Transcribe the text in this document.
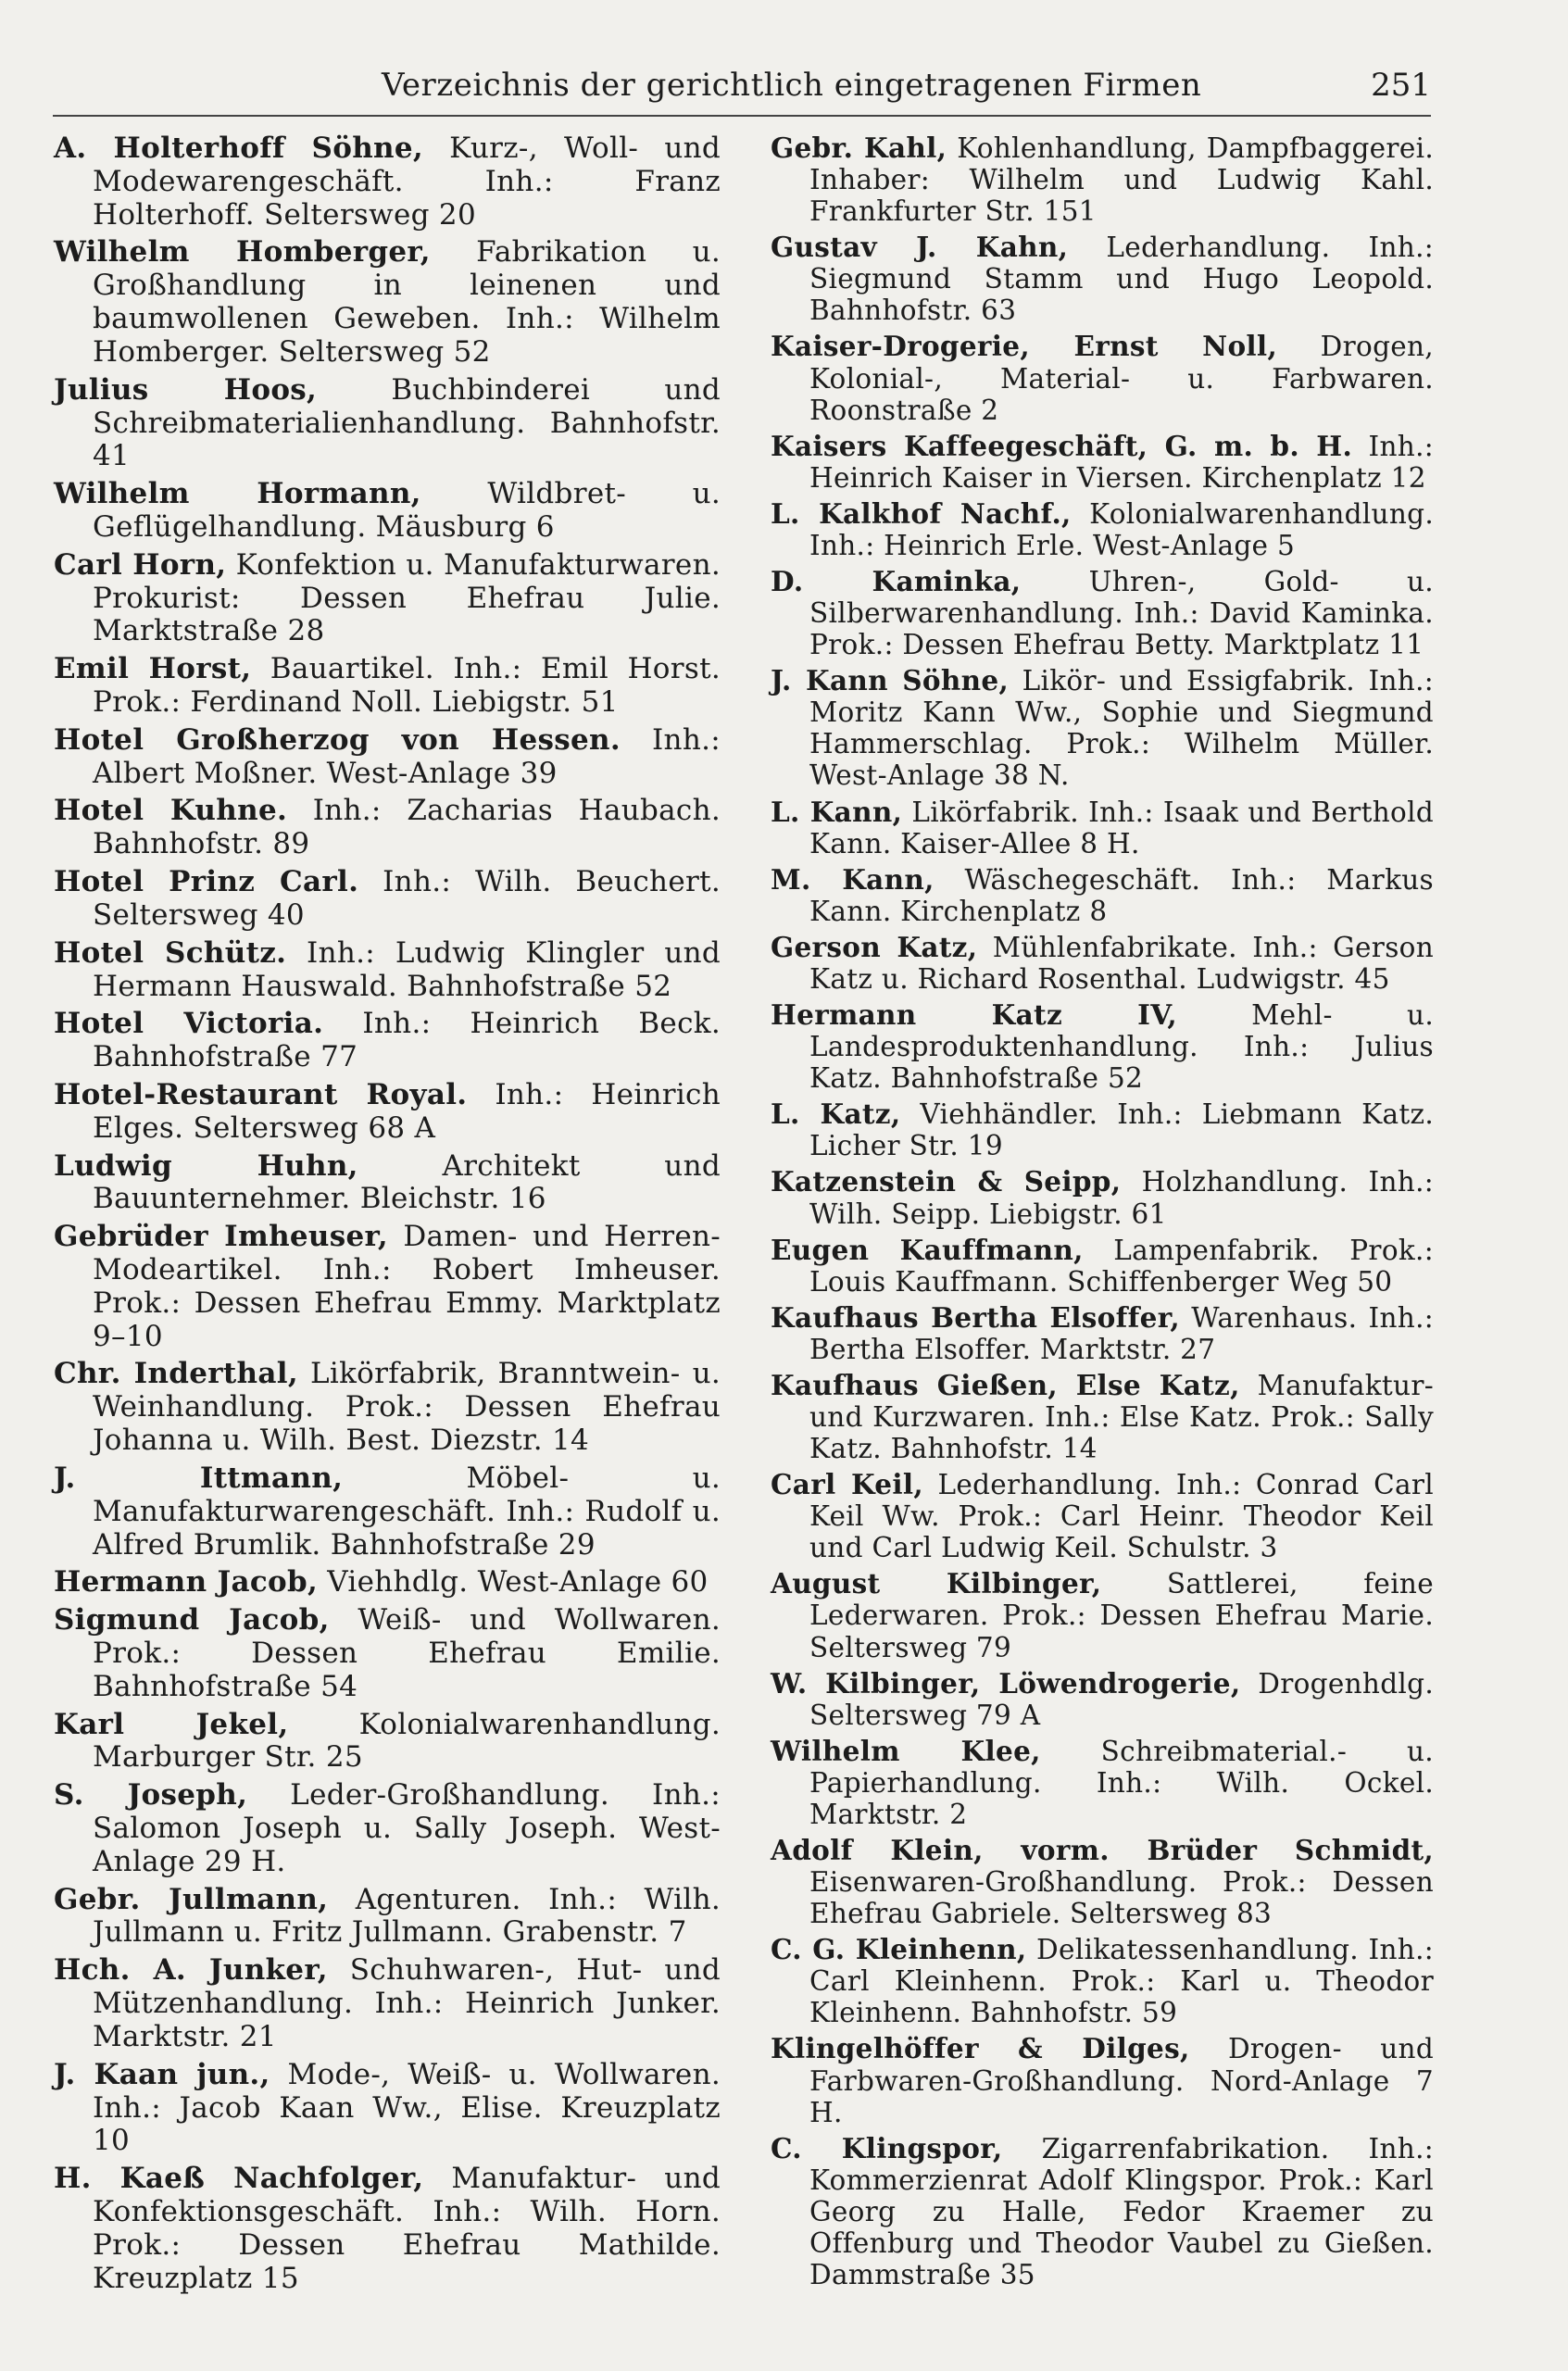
Verzeichnis der gerichtlich eingetragenen Firmen	251

A. Holterhoff Söhne, Kurz-, Woll- und Modewarengeschäft. Inh.: Franz Holterhoff. Seltersweg 20

Wilhelm Homberger, Fabrikation u. Großhandlung in leinenen und baumwollenen Geweben. Inh.: Wilhelm Homberger. Seltersweg 52

Julius Hoos, Buchbinderei und Schreibmaterialienhandlung. Bahnhofstr. 41

Wilhelm Hormann, Wildbret- u. Geflügelhandlung. Mäusburg 6

Carl Horn, Konfektion u. Manufakturwaren. Prokurist: Dessen Ehefrau Julie. Marktstraße 28

Emil Horst, Bauartikel. Inh.: Emil Horst. Prok.: Ferdinand Noll. Liebigstr. 51

Hotel Großherzog von Hessen. Inh.: Albert Moßner. West-Anlage 39

Hotel Kuhne. Inh.: Zacharias Haubach. Bahnhofstr. 89

Hotel Prinz Carl. Inh.: Wilh. Beuchert. Seltersweg 40

Hotel Schütz. Inh.: Ludwig Klingler und Hermann Hauswald. Bahnhofstraße 52

Hotel Victoria. Inh.: Heinrich Beck. Bahnhofstraße 77

Hotel-Restaurant Royal. Inh.: Heinrich Elges. Seltersweg 68 A

Ludwig Huhn, Architekt und Bauunternehmer. Bleichstr. 16

Gebrüder Imheuser, Damen- und Herren-Modeartikel. Inh.: Robert Imheuser. Prok.: Dessen Ehefrau Emmy. Marktplatz 9–10

Chr. Inderthal, Likörfabrik, Branntwein- u. Weinhandlung. Prok.: Dessen Ehefrau Johanna u. Wilh. Best. Diezstr. 14

J. Ittmann, Möbel- u. Manufakturwarengeschäft. Inh.: Rudolf u. Alfred Brumlik. Bahnhofstraße 29

Hermann Jacob, Viehhdlg. West-Anlage 60

Sigmund Jacob, Weiß- und Wollwaren. Prok.: Dessen Ehefrau Emilie. Bahnhofstraße 54

Karl Jekel, Kolonialwarenhandlung. Marburger Str. 25

S. Joseph, Leder-Großhandlung. Inh.: Salomon Joseph u. Sally Joseph. West-Anlage 29 H.

Gebr. Jullmann, Agenturen. Inh.: Wilh. Jullmann u. Fritz Jullmann. Grabenstr. 7

Hch. A. Junker, Schuhwaren-, Hut- und Mützenhandlung. Inh.: Heinrich Junker. Marktstr. 21

J. Kaan jun., Mode-, Weiß- u. Wollwaren. Inh.: Jacob Kaan Ww., Elise. Kreuzplatz 10

H. Kaeß Nachfolger, Manufaktur- und Konfektionsgeschäft. Inh.: Wilh. Horn. Prok.: Dessen Ehefrau Mathilde. Kreuzplatz 15

Gebr. Kahl, Kohlenhandlung, Dampfbaggerei. Inhaber: Wilhelm und Ludwig Kahl. Frankfurter Str. 151

Gustav J. Kahn, Lederhandlung. Inh.: Siegmund Stamm und Hugo Leopold. Bahnhofstr. 63

Kaiser-Drogerie, Ernst Noll, Drogen, Kolonial-, Material- u. Farbwaren. Roonstraße 2

Kaisers Kaffeegeschäft, G. m. b. H. Inh.: Heinrich Kaiser in Viersen. Kirchenplatz 12

L. Kalkhof Nachf., Kolonialwarenhandlung. Inh.: Heinrich Erle. West-Anlage 5

D. Kaminka, Uhren-, Gold- u. Silberwarenhandlung. Inh.: David Kaminka. Prok.: Dessen Ehefrau Betty. Marktplatz 11

J. Kann Söhne, Likör- und Essigfabrik. Inh.: Moritz Kann Ww., Sophie und Siegmund Hammerschlag. Prok.: Wilhelm Müller. West-Anlage 38 N.

L. Kann, Likörfabrik. Inh.: Isaak und Berthold Kann. Kaiser-Allee 8 H.

M. Kann, Wäschegeschäft. Inh.: Markus Kann. Kirchenplatz 8

Gerson Katz, Mühlenfabrikate. Inh.: Gerson Katz u. Richard Rosenthal. Ludwigstr. 45

Hermann Katz IV, Mehl- u. Landesproduktenhandlung. Inh.: Julius Katz. Bahnhofstraße 52

L. Katz, Viehhändler. Inh.: Liebmann Katz. Licher Str. 19

Katzenstein & Seipp, Holzhandlung. Inh.: Wilh. Seipp. Liebigstr. 61

Eugen Kauffmann, Lampenfabrik. Prok.: Louis Kauffmann. Schiffenberger Weg 50

Kaufhaus Bertha Elsoffer, Warenhaus. Inh.: Bertha Elsoffer. Marktstr. 27

Kaufhaus Gießen, Else Katz, Manufaktur- und Kurzwaren. Inh.: Else Katz. Prok.: Sally Katz. Bahnhofstr. 14

Carl Keil, Lederhandlung. Inh.: Conrad Carl Keil Ww. Prok.: Carl Heinr. Theodor Keil und Carl Ludwig Keil. Schulstr. 3

August Kilbinger, Sattlerei, feine Lederwaren. Prok.: Dessen Ehefrau Marie. Seltersweg 79

W. Kilbinger, Löwendrogerie, Drogenhdlg. Seltersweg 79 A

Wilhelm Klee, Schreibmaterial.- u. Papierhandlung. Inh.: Wilh. Ockel. Marktstr. 2

Adolf Klein, vorm. Brüder Schmidt, Eisenwaren-Großhandlung. Prok.: Dessen Ehefrau Gabriele. Seltersweg 83

C. G. Kleinhenn, Delikatessenhandlung. Inh.: Carl Kleinhenn. Prok.: Karl u. Theodor Kleinhenn. Bahnhofstr. 59

Klingelhöffer & Dilges, Drogen- und Farbwaren-Großhandlung. Nord-Anlage 7 H.

C. Klingspor, Zigarrenfabrikation. Inh.: Kommerzienrat Adolf Klingspor. Prok.: Karl Georg zu Halle, Fedor Kraemer zu Offenburg und Theodor Vaubel zu Gießen. Dammstraße 35
